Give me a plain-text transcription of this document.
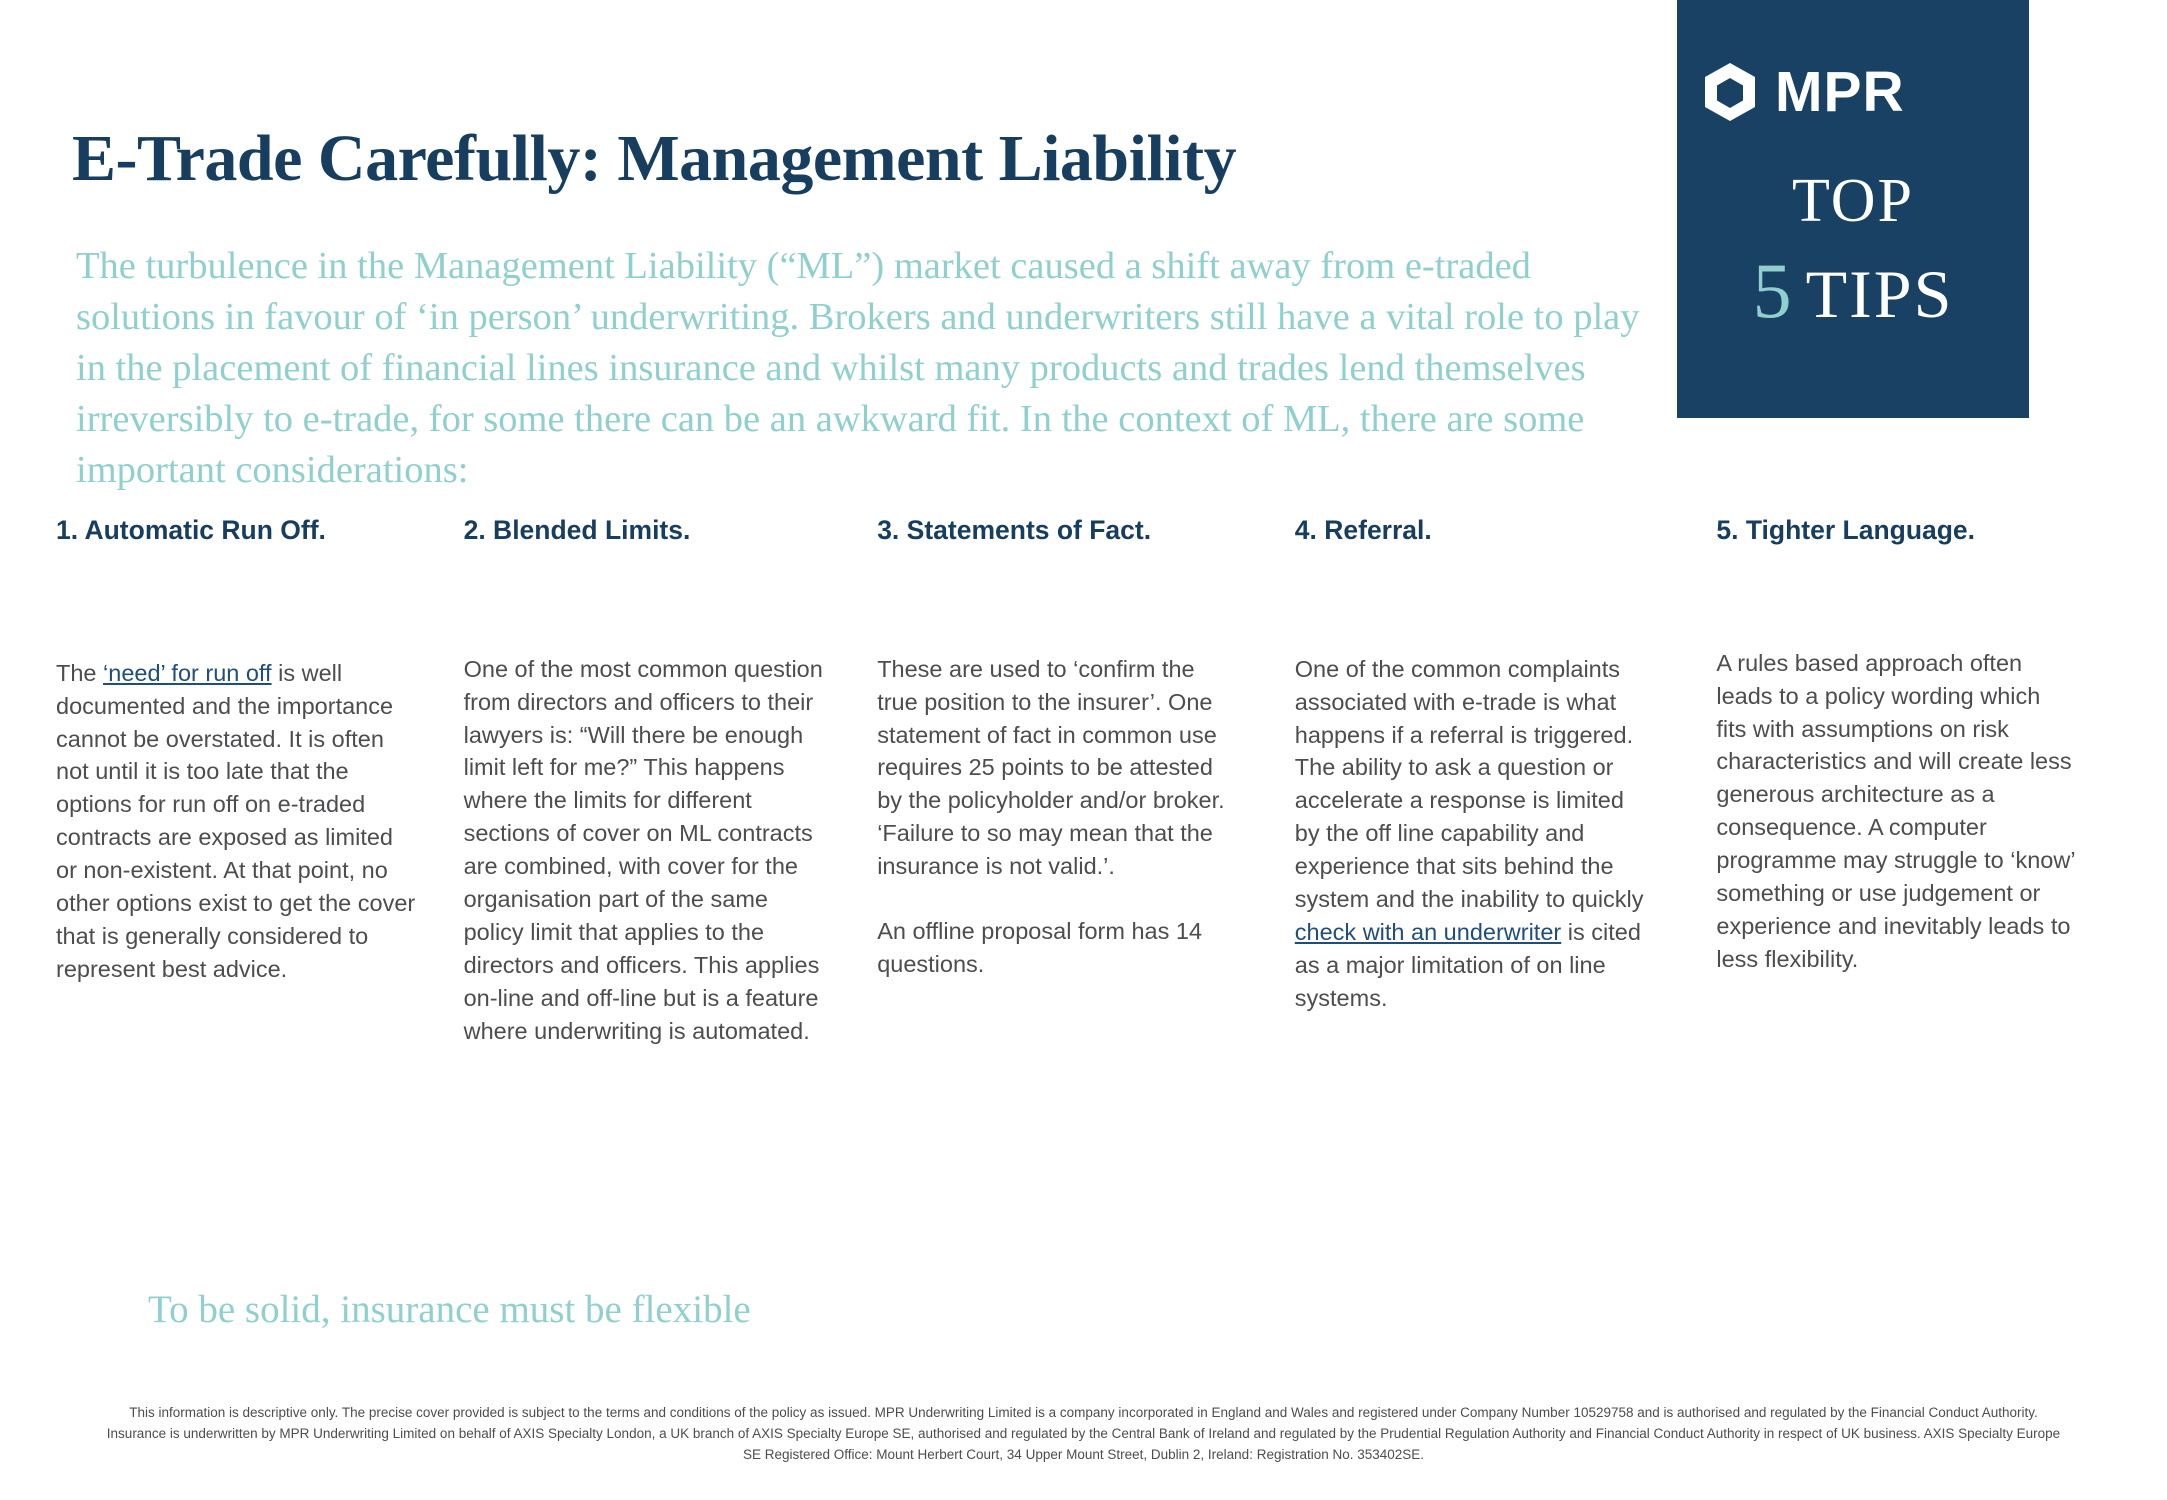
E-Trade Carefully: Management Liability

The turbulence in the Management Liability (“ML”) market caused a shift away from e-traded solutions in favour of ‘in person’ underwriting. Brokers and underwriters still have a vital role to play in the placement of financial lines insurance and whilst many products and trades lend themselves irreversibly to e-trade, for some there can be an awkward fit. In the context of ML, there are some important considerations:

MPR
TOP
5 TIPS
1. Automatic Run Off.

The ‘need’ for run off is well documented and the importance cannot be overstated. It is often not until it is too late that the options for run off on e-traded contracts are exposed as limited or non-existent. At that point, no other options exist to get the cover that is generally considered to represent best advice.

2. Blended Limits.

One of the most common question from directors and officers to their lawyers is: “Will there be enough limit left for me?” This happens where the limits for different sections of cover on ML contracts are combined, with cover for the organisation part of the same policy limit that applies to the directors and officers. This applies on-line and off-line but is a feature where underwriting is automated.

3. Statements of Fact.

These are used to ‘confirm the true position to the insurer’. One statement of fact in common use requires 25 points to be attested by the policyholder and/or broker. ‘Failure to so may mean that the insurance is not valid.’.

An offline proposal form has 14 questions.

4. Referral.

One of the common complaints associated with e-trade is what happens if a referral is triggered. The ability to ask a question or accelerate a response is limited by the off line capability and experience that sits behind the system and the inability to quickly check with an underwriter is cited as a major limitation of on line systems.

5. Tighter Language.

A rules based approach often leads to a policy wording which fits with assumptions on risk characteristics and will create less generous architecture as a consequence. A computer programme may struggle to ‘know’ something or use judgement or experience and inevitably leads to less flexibility.

To be solid, insurance must be flexible
This information is descriptive only. The precise cover provided is subject to the terms and conditions of the policy as issued. MPR Underwriting Limited is a company incorporated in England and Wales and registered under Company Number 10529758 and is authorised and regulated by the Financial Conduct Authority. Insurance is underwritten by MPR Underwriting Limited on behalf of AXIS Specialty London, a UK branch of AXIS Specialty Europe SE, authorised and regulated by the Central Bank of Ireland and regulated by the Prudential Regulation Authority and Financial Conduct Authority in respect of UK business. AXIS Specialty Europe SE Registered Office: Mount Herbert Court, 34 Upper Mount Street, Dublin 2, Ireland: Registration No. 353402SE.
